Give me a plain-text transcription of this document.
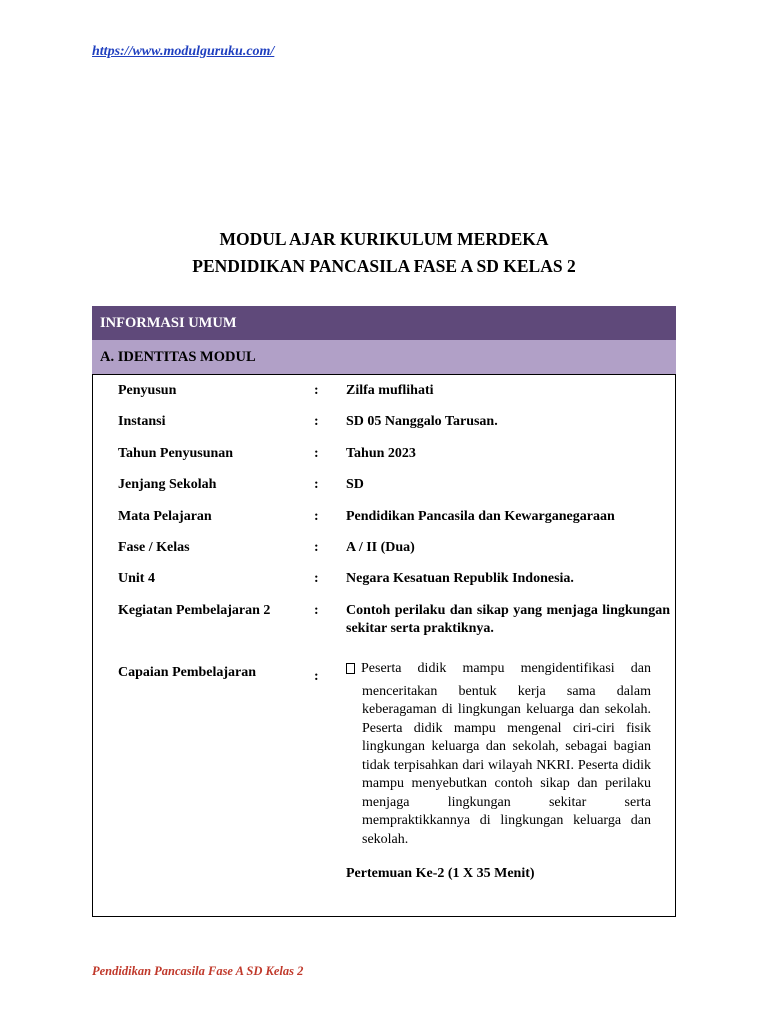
https://www.modulguruku.com/
MODUL AJAR KURIKULUM MERDEKA
PENDIDIKAN PANCASILA FASE A SD KELAS 2
INFORMASI UMUM
A. IDENTITAS MODUL
Penyusun	: Zilfa muflihati
Instansi	: SD 05 Nanggalo Tarusan.
Tahun Penyusunan	: Tahun 2023
Jenjang Sekolah	: SD
Mata Pelajaran	: Pendidikan Pancasila dan Kewarganegaraan
Fase / Kelas	: A / II (Dua)
Unit 4	: Negara Kesatuan Republik Indonesia.
Kegiatan Pembelajaran 2	: Contoh perilaku dan sikap yang menjaga lingkungan sekitar serta praktiknya.
Capaian Pembelajaran	:
Peserta didik mampu mengidentifikasi dan
menceritakan bentuk kerja sama dalam keberagaman di lingkungan keluarga dan sekolah. Peserta didik mampu mengenal ciri-ciri fisik lingkungan keluarga dan sekolah, sebagai bagian tidak terpisahkan dari wilayah NKRI. Peserta didik mampu menyebutkan contoh sikap dan perilaku menjaga lingkungan sekitar serta mempraktikkannya di lingkungan keluarga dan sekolah.
Pertemuan Ke-2 (1 X 35 Menit)
Pendidikan Pancasila Fase A SD Kelas 2
